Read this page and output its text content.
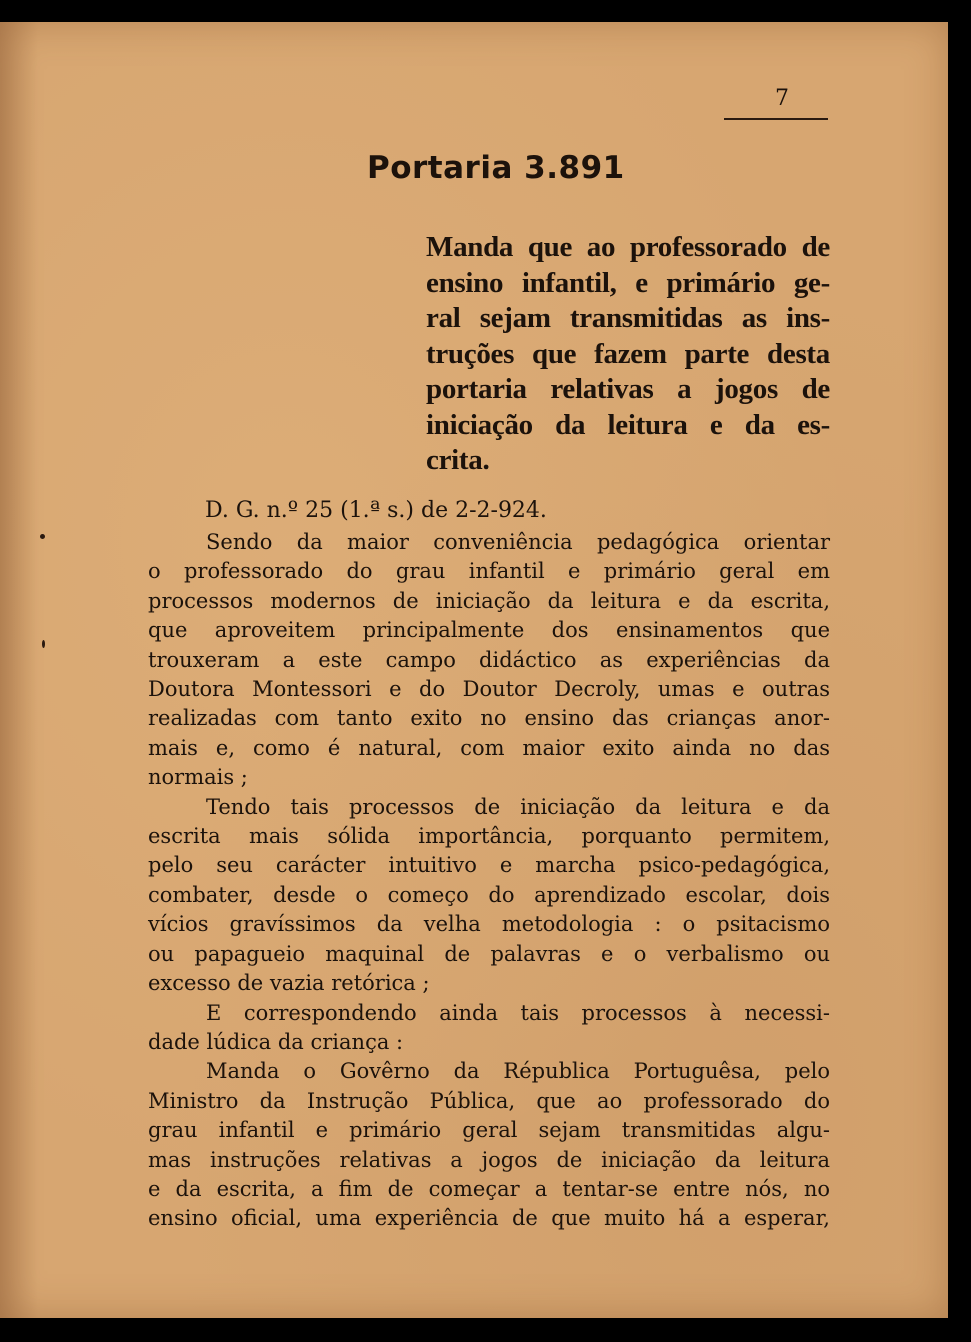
7
Portaria 3.891
Manda que ao professorado de
ensino infantil, e primário ge-
ral sejam transmitidas as ins-
truções que fazem parte desta
portaria relativas a jogos de
iniciação da leitura e da es-
crita.
D. G. n.º 25 (1.ª s.) de 2-2-924.
Sendo da maior conveniência pedagógica orientar
o professorado do grau infantil e primário geral em
processos modernos de iniciação da leitura e da escrita,
que aproveitem principalmente dos ensinamentos que
trouxeram a este campo didáctico as experiências da
Doutora Montessori e do Doutor Decroly, umas e outras
realizadas com tanto exito no ensino das crianças anor-
mais e, como é natural, com maior exito ainda no das
normais ;
Tendo tais processos de iniciação da leitura e da
escrita mais sólida importância, porquanto permitem,
pelo seu carácter intuitivo e marcha psico-pedagógica,
combater, desde o começo do aprendizado escolar, dois
vícios gravíssimos da velha metodologia : o psitacismo
ou papagueio maquinal de palavras e o verbalismo ou
excesso de vazia retórica ;
E correspondendo ainda tais processos à necessi-
dade lúdica da criança :
Manda o Govêrno da Républica Portuguêsa, pelo
Ministro da Instrução Pública, que ao professorado do
grau infantil e primário geral sejam transmitidas algu-
mas instruções relativas a jogos de iniciação da leitura
e da escrita, a fim de começar a tentar-se entre nós, no
ensino oficial, uma experiência de que muito há a esperar,
